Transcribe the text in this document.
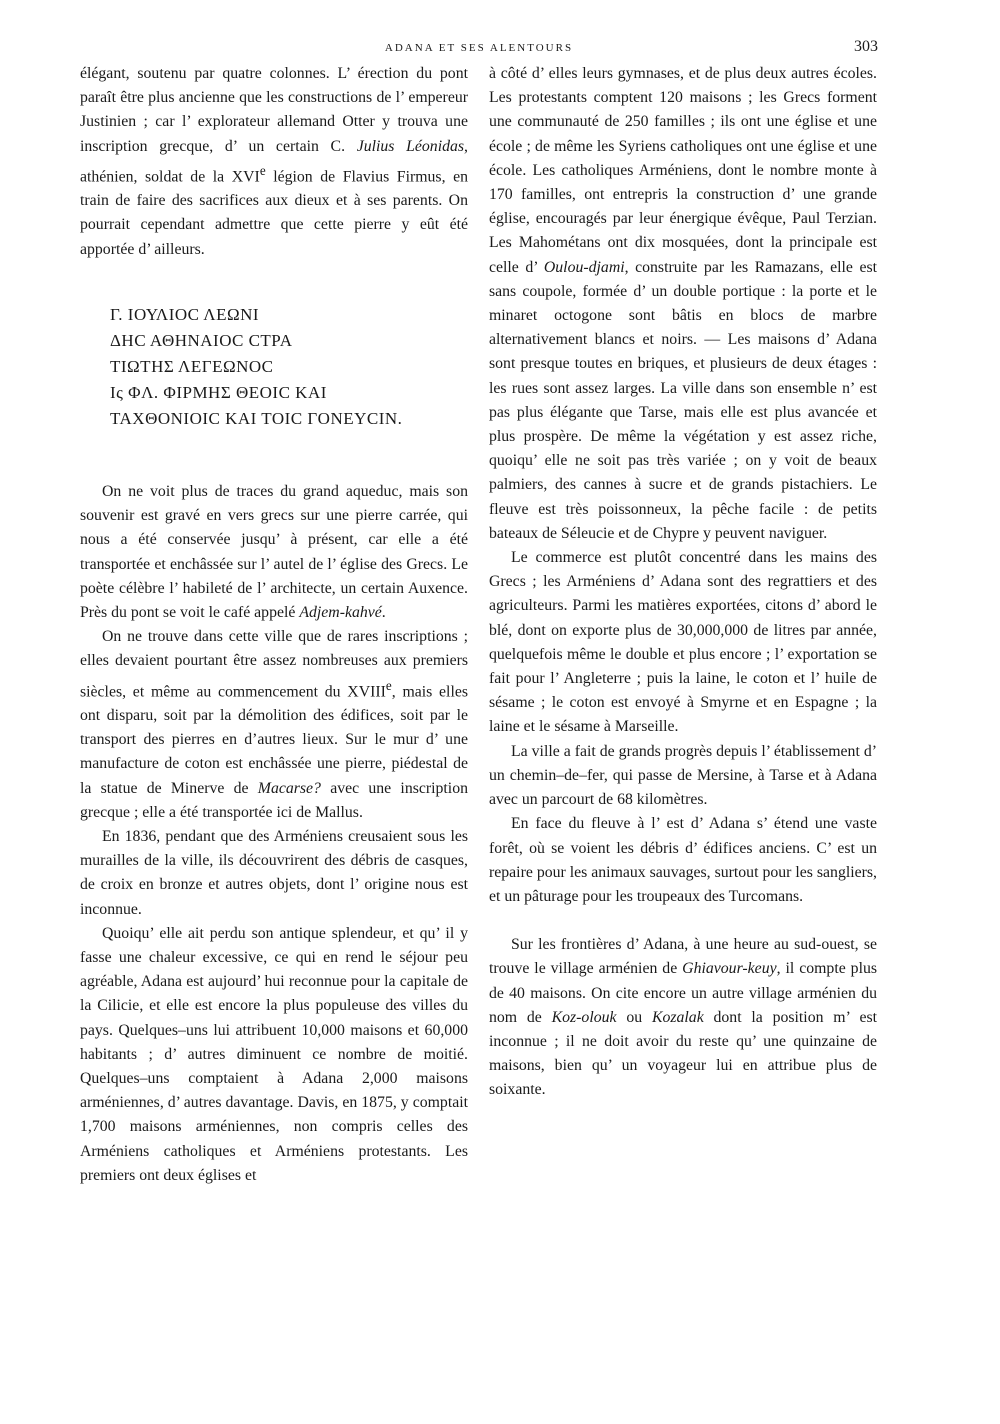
ADANA ET SES ALENTOURS	303

élégant, soutenu par quatre colonnes. L’ érection du pont paraît être plus ancienne que les constructions de l’ empereur Justinien ; car l’ explorateur allemand Otter y trouva une inscription grecque, d’ un certain C. Julius Léonidas, athénien, soldat de la XVIe légion de Flavius Firmus, en train de faire des sacrifices aux dieux et à ses parents. On pourrait cependant admettre que cette pierre y eût été apportée d’ ailleurs.

Γ. ΙΟΥΛΙΟϹ ΛΕΩΝΙ
ΔΗϹ ΑΘΗΝΑΙΟϹ ϹΤΡΑ
ΤΙΩΤΗΣ ΛΕΓΕΩΝΟϹ
Ις ΦΛ. ΦΙΡΜΗΣ ΘΕΟΙϹ ΚΑΙ
ΤΑΧΘΟΝΙΟΙϹ ΚΑΙ ΤΟΙϹ ΓΟΝΕΥϹΙΝ.

On ne voit plus de traces du grand aqueduc, mais son souvenir est gravé en vers grecs sur une pierre carrée, qui nous a été conservée jusqu’ à présent, car elle a été transportée et enchâssée sur l’ autel de l’ église des Grecs. Le poète célèbre l’ habileté de l’ architecte, un certain Auxence. Près du pont se voit le café appelé Adjem-kahvé.

On ne trouve dans cette ville que de rares inscriptions ; elles devaient pourtant être assez nombreuses aux premiers siècles, et même au commencement du XVIIIe, mais elles ont disparu, soit par la démolition des édifices, soit par le transport des pierres en d’autres lieux. Sur le mur d’ une manufacture de coton est enchâssée une pierre, piédestal de la statue de Minerve de Macarse? avec une inscription grecque ; elle a été transportée ici de Mallus.

En 1836, pendant que des Arméniens creusaient sous les murailles de la ville, ils découvrirent des débris de casques, de croix en bronze et autres objets, dont l’ origine nous est inconnue.

Quoiqu’ elle ait perdu son antique splendeur, et qu’ il y fasse une chaleur excessive, ce qui en rend le séjour peu agréable, Adana est aujourd’ hui reconnue pour la capitale de la Cilicie, et elle est encore la plus populeuse des villes du pays. Quelques–uns lui attribuent 10,000 maisons et 60,000 habitants ; d’ autres diminuent ce nombre de moitié. Quelques–uns comptaient à Adana 2,000 maisons arméniennes, d’ autres davantage. Davis, en 1875, y comptait 1,700 maisons arméniennes, non compris celles des Arméniens catholiques et Arméniens protestants. Les premiers ont deux églises et

à côté d’ elles leurs gymnases, et de plus deux autres écoles. Les protestants comptent 120 maisons ; les Grecs forment une communauté de 250 familles ; ils ont une église et une école ; de même les Syriens catholiques ont une église et une école. Les catholiques Arméniens, dont le nombre monte à 170 familles, ont entrepris la construction d’ une grande église, encouragés par leur énergique évêque, Paul Terzian. Les Mahométans ont dix mosquées, dont la principale est celle d’ Oulou-djami, construite par les Ramazans, elle est sans coupole, formée d’ un double portique : la porte et le minaret octogone sont bâtis en blocs de marbre alternativement blancs et noirs. — Les maisons d’ Adana sont presque toutes en briques, et plusieurs de deux étages : les rues sont assez larges. La ville dans son ensemble n’ est pas plus élégante que Tarse, mais elle est plus avancée et plus prospère. De même la végétation y est assez riche, quoiqu’ elle ne soit pas très variée ; on y voit de beaux palmiers, des cannes à sucre et de grands pistachiers. Le fleuve est très poissonneux, la pêche facile : de petits bateaux de Séleucie et de Chypre y peuvent naviguer.

Le commerce est plutôt concentré dans les mains des Grecs ; les Arméniens d’ Adana sont des regrattiers et des agriculteurs. Parmi les matières exportées, citons d’ abord le blé, dont on exporte plus de 30,000,000 de litres par année, quelquefois même le double et plus encore ; l’ exportation se fait pour l’ Angleterre ; puis la laine, le coton et l’ huile de sésame ; le coton est envoyé à Smyrne et en Espagne ; la laine et le sésame à Marseille.

La ville a fait de grands progrès depuis l’ établissement d’ un chemin–de–fer, qui passe de Mersine, à Tarse et à Adana avec un parcourt de 68 kilomètres.

En face du fleuve à l’ est d’ Adana s’ étend une vaste forêt, où se voient les débris d’ édifices anciens. C’ est un repaire pour les animaux sauvages, surtout pour les sangliers, et un pâturage pour les troupeaux des Turcomans.

Sur les frontières d’ Adana, à une heure au sud-ouest, se trouve le village arménien de Ghiavour-keuy, il compte plus de 40 maisons. On cite encore un autre village arménien du nom de Koz-olouk ou Kozalak dont la position m’ est inconnue ; il ne doit avoir du reste qu’ une quinzaine de maisons, bien qu’ un voyageur lui en attribue plus de soixante.
